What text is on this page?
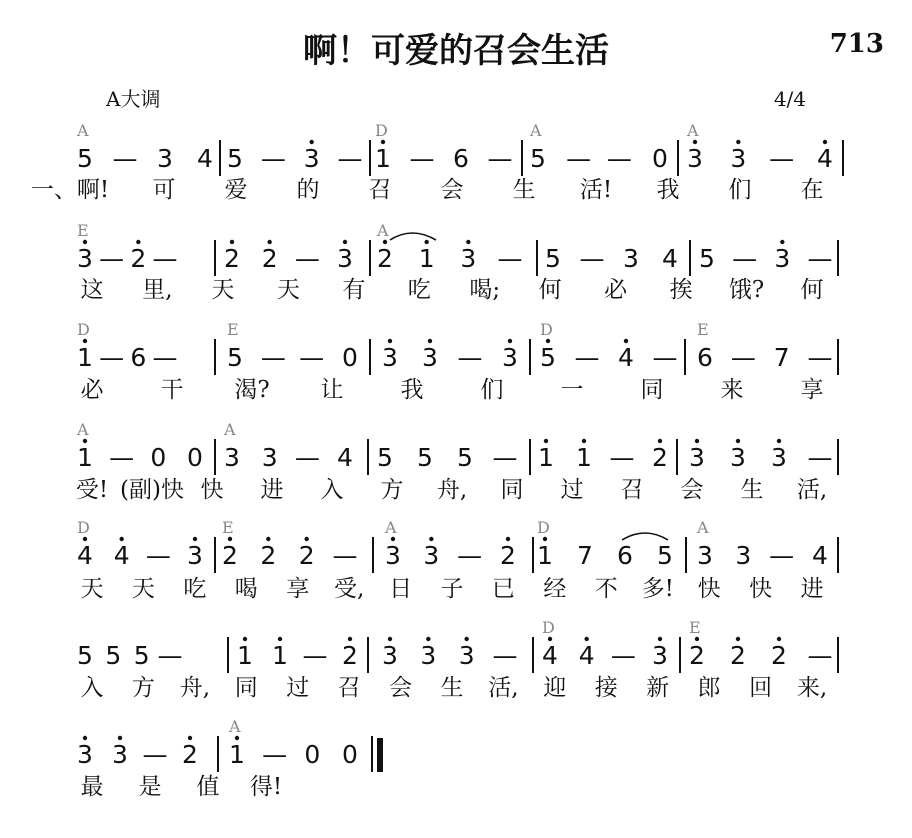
啊！可爱的召会生活	713
A大调	4/4
A
5 — 3 4 5 — 3 —
D
1 — 6 —
A
5 — — 0
A
3 3 — 4
一、啊! 可 爱 的 召 会 生 活! 我 们 在
E
3 — 2 — 2 2 — 3
A
2 1 3 — 5 — 3 4 5 — 3 —
这 里, 天 天 有 吃 喝; 何 必 挨 饿? 何
D
1 — 6 —
E
5 — — 0 3 3 — 3
D
5 — 4 —
E
6 — 7 —
必 干 渴? 让 我 们 一 同 来 享
A
1 — 0 0
A
3 3 — 4 5 5 5 — 1 1 — 2 3 3 3 —
受! (副)快 快 进 入 方 舟, 同 过 召 会 生 活,
D
4 4 — 3
E
2 2 2 —
A
3 3 — 2
D
1 7 6 5
A
3 3 — 4
天 天 吃 喝 享 受, 日 子 已 经 不 多! 快 快 进
5 5 5 — 1 1 — 2 3 3 3 —
D
4 4 — 3
E
2 2 2 —
入 方 舟, 同 过 召 会 生 活, 迎 接 新 郎 回 来,
3 3 — 2
A
1 — 0 0
最 是 值 得!
